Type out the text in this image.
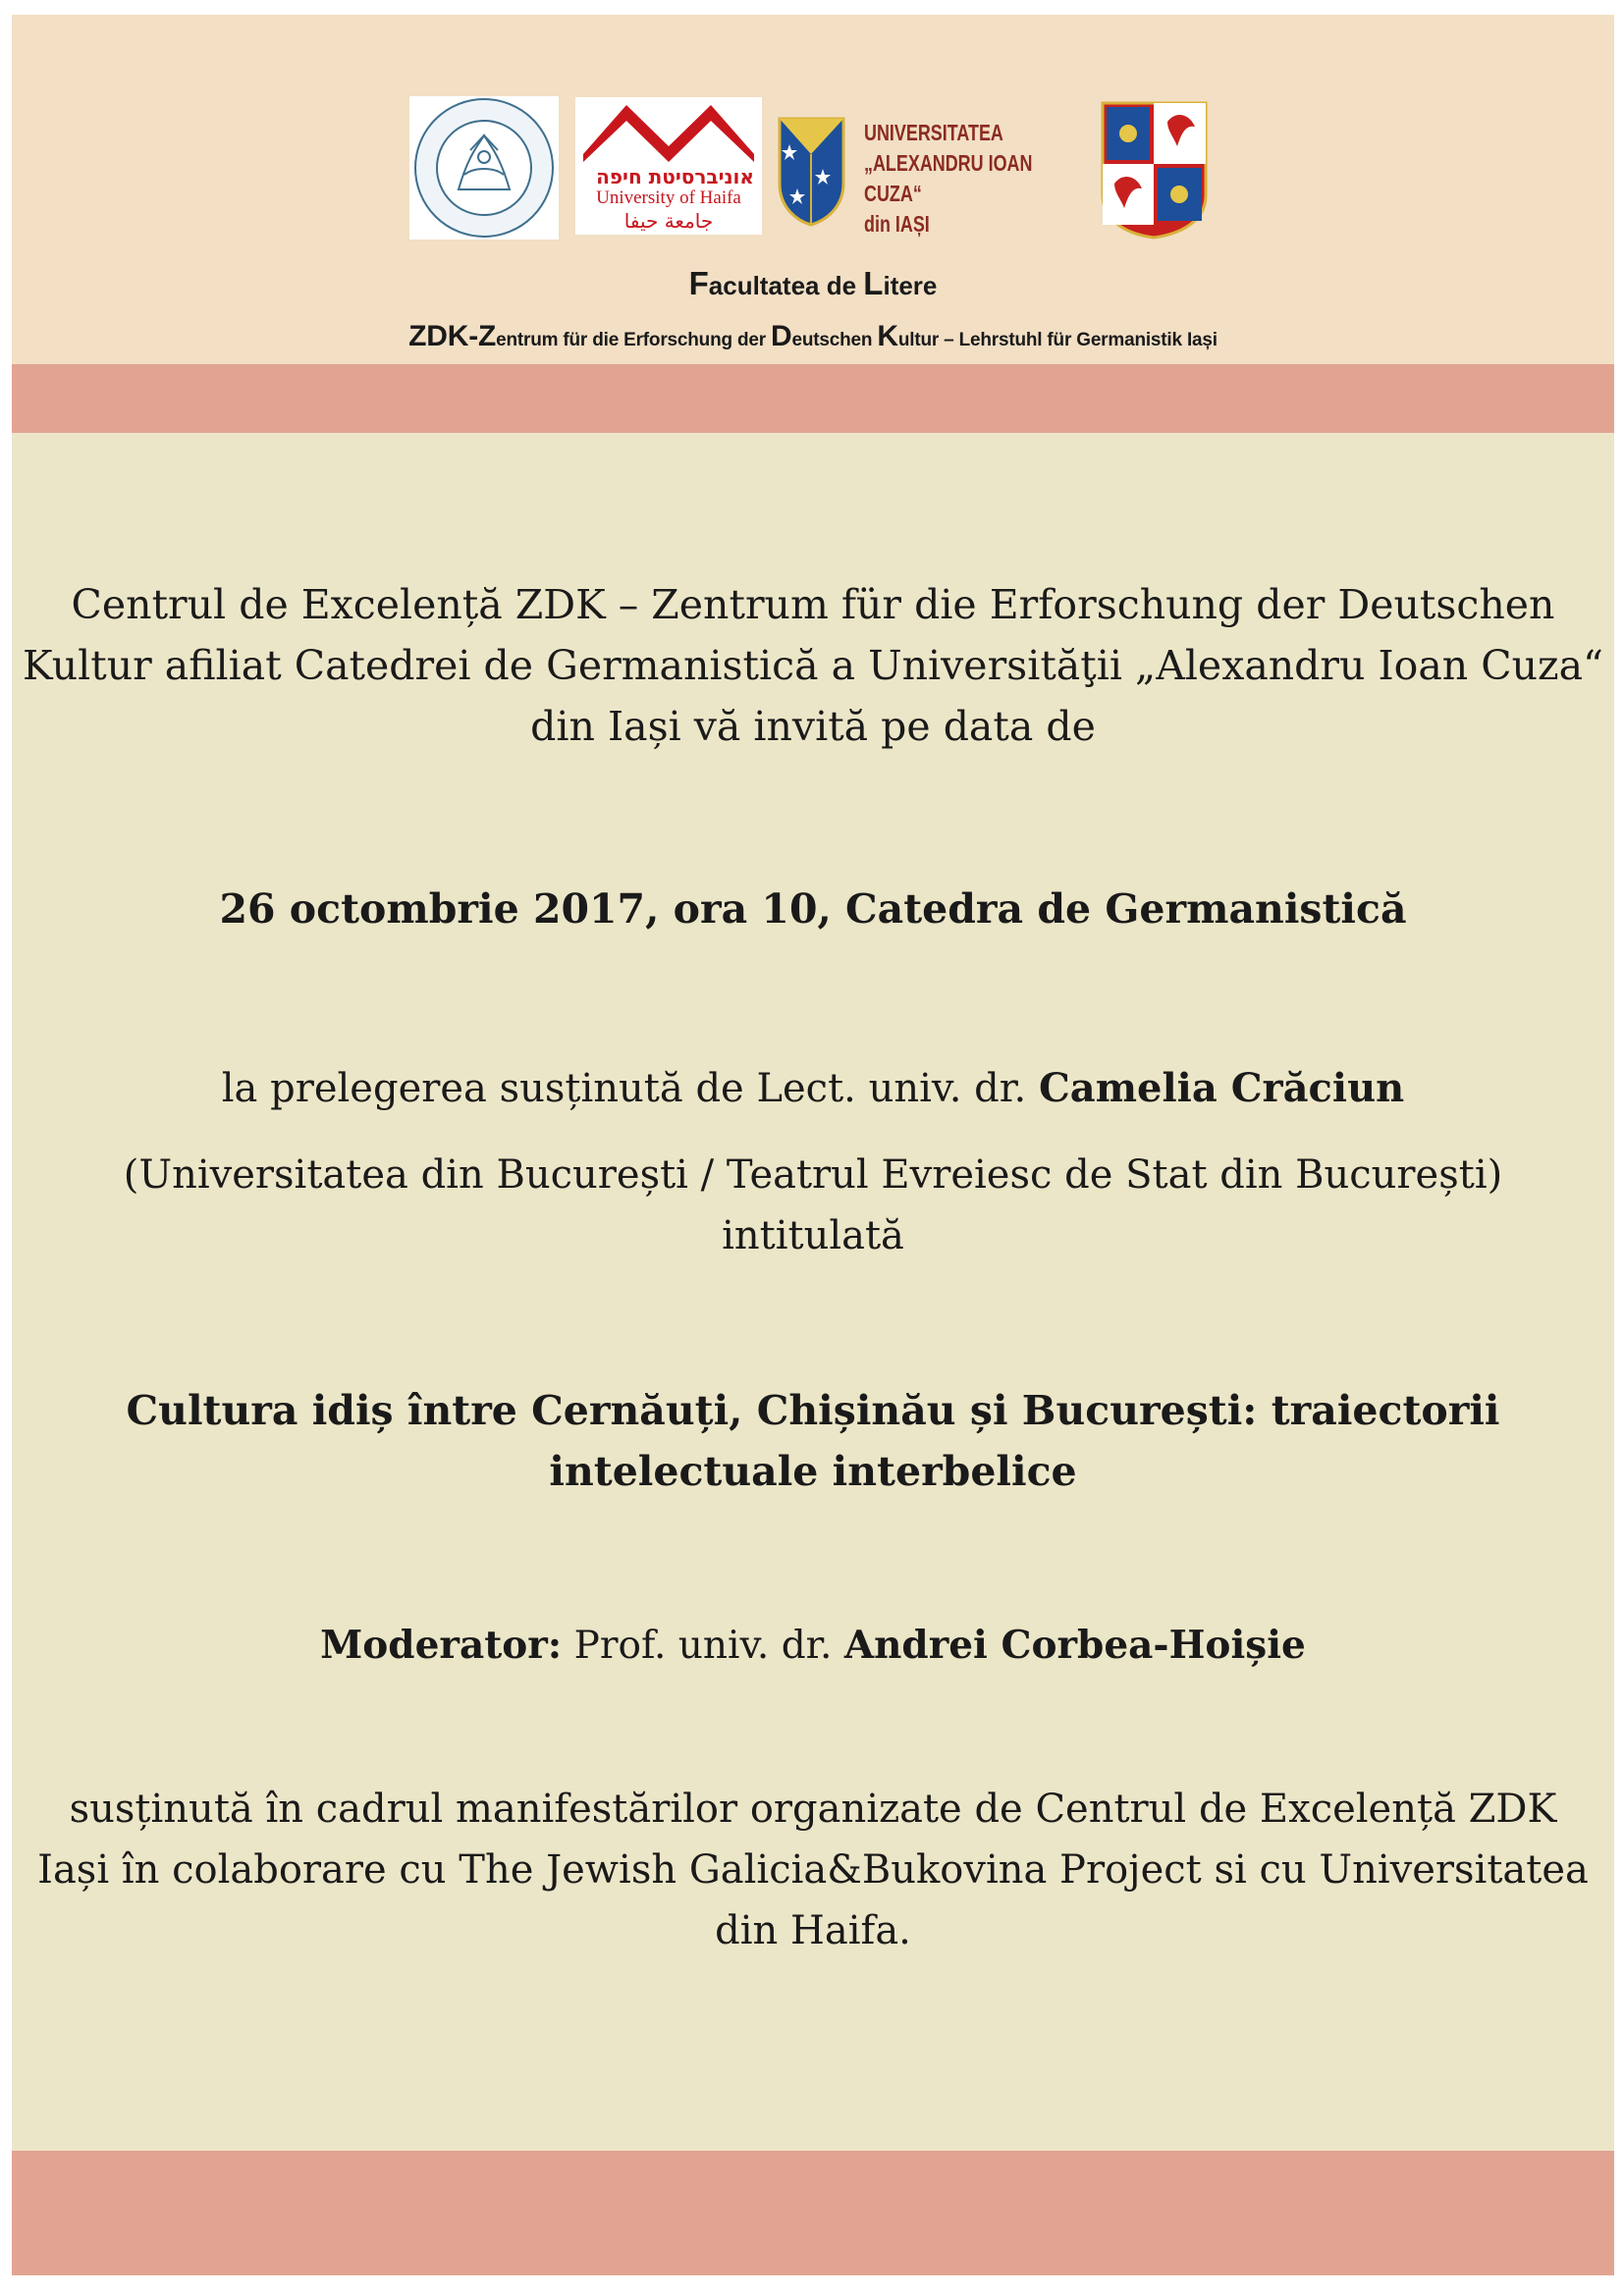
אוניברסיטת חיפה
University of Haifa
جامعة حيفا
UNIVERSITATEA
„ALEXANDRU IOAN CUZA“
din IAȘI
Facultatea de Litere
ZDK-Zentrum für die Erforschung der Deutschen Kultur – Lehrstuhl für Germanistik Iași
Centrul de Excelență ZDK – Zentrum für die Erforschung der Deutschen
Kultur afiliat Catedrei de Germanistică a Universităţii „Alexandru Ioan Cuza“
din Iași vă invită pe data de
26 octombrie 2017, ora 10, Catedra de Germanistică
la prelegerea susținută de Lect. univ. dr. Camelia Crăciun
(Universitatea din București / Teatrul Evreiesc de Stat din București)
intitulată
Cultura idiș între Cernăuți, Chișinău și București: traiectorii
intelectuale interbelice
Moderator: Prof. univ. dr. Andrei Corbea-Hoișie
susținută în cadrul manifestărilor organizate de Centrul de Excelență ZDK
Iași în colaborare cu The Jewish Galicia&Bukovina Project si cu Universitatea
din Haifa.
